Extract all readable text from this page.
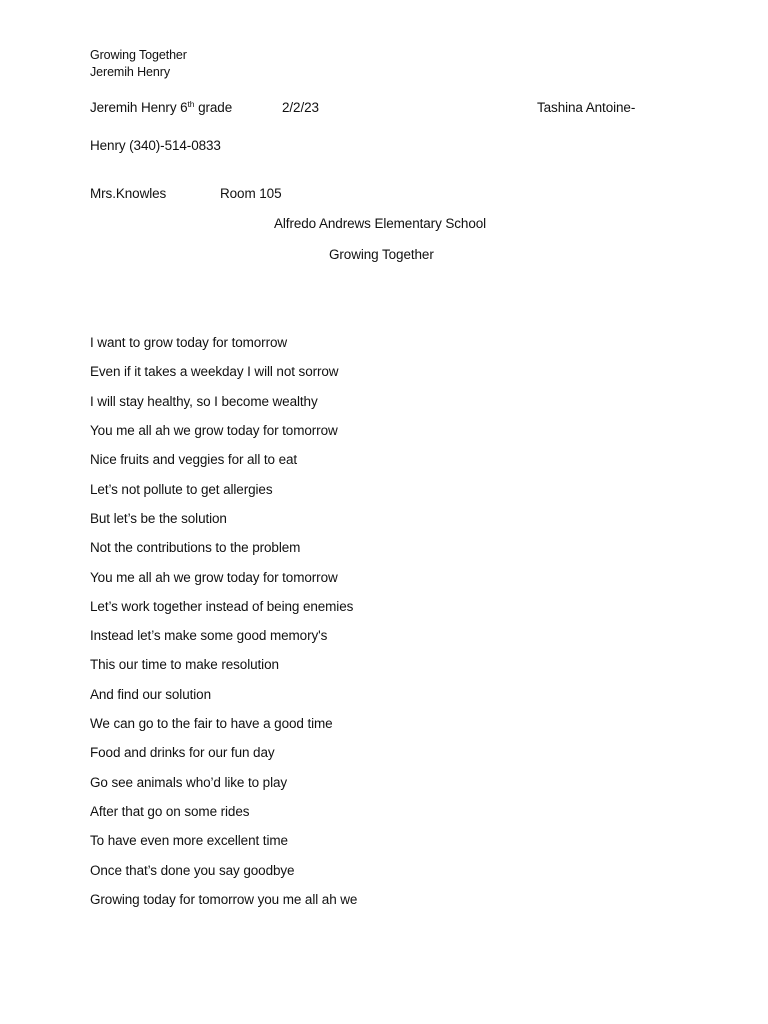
Growing Together
Jeremih Henry
Jeremih Henry 6th grade	2/2/23	Tashina Antoine-
Henry (340)-514-0833
Mrs.Knowles	Room 105
Alfredo Andrews Elementary School
Growing Together
I want to grow today for tomorrow
Even if it takes a weekday I will not sorrow
I will stay healthy, so I become wealthy
You me all ah we grow today for tomorrow
Nice fruits and veggies for all to eat
Let’s not pollute to get allergies
But let’s be the solution
Not the contributions to the problem
You me all ah we grow today for tomorrow
Let’s work together instead of being enemies
Instead let’s make some good memory's
This our time to make resolution
And find our solution
We can go to the fair to have a good time
Food and drinks for our fun day
Go see animals who’d like to play
After that go on some rides
To have even more excellent time
Once that’s done you say goodbye
Growing today for tomorrow you me all ah we
